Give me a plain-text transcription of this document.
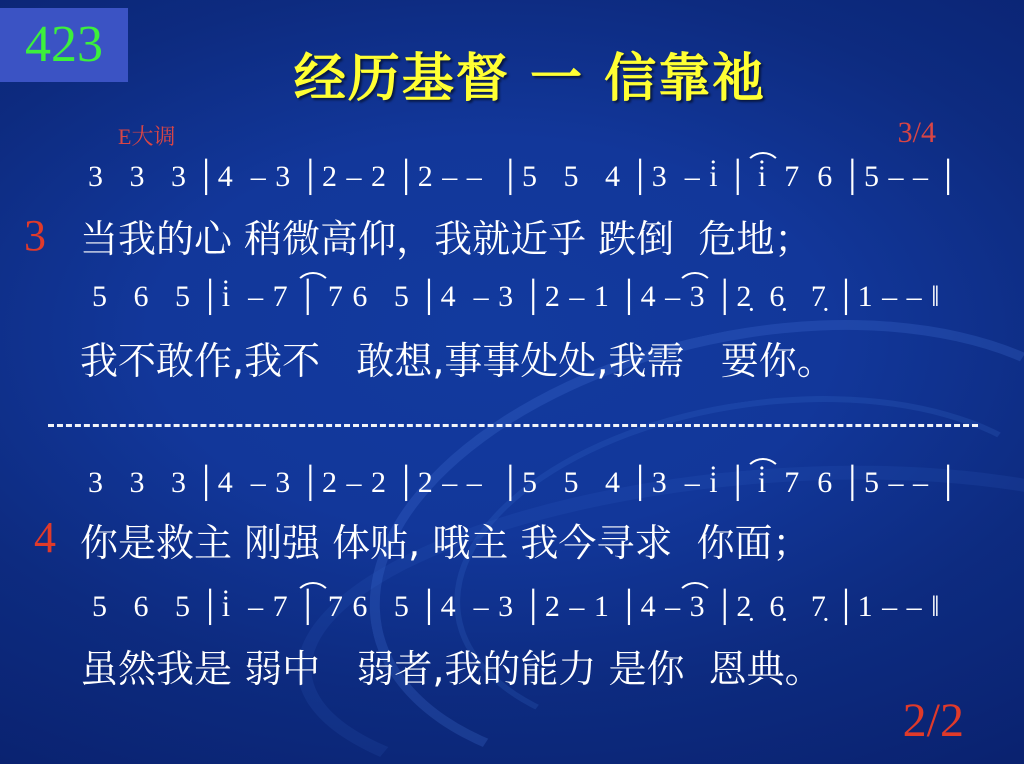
423
经历基督 一 信靠祂
E大调	3/4
3
3   3   3 │4  – 3 │2 – 2 │2 – –  │5   5   4 │3  – i̇ │ i̇  7  6 │5 – – │
当我的心 稍微高仰，我就近乎 跌倒  危地；
5   6   5 │i̇  – 7 │ 7 6   5 │4  – 3 │2 – 1 │4 – 3 │2̣  6̣   7̣ │1 – – ‖
我不敢作,我不   敢想,事事处处,我需   要你。
4
3   3   3 │4  – 3 │2 – 2 │2 – –  │5   5   4 │3  – i̇ │ i̇  7  6 │5 – – │
你是救主 刚强 体贴, 哦主 我今寻求  你面；
5   6   5 │i̇  – 7 │ 7 6   5 │4  – 3 │2 – 1 │4 – 3 │2̣  6̣   7̣ │1 – – ‖
虽然我是 弱中   弱者,我的能力 是你  恩典。
2/2
